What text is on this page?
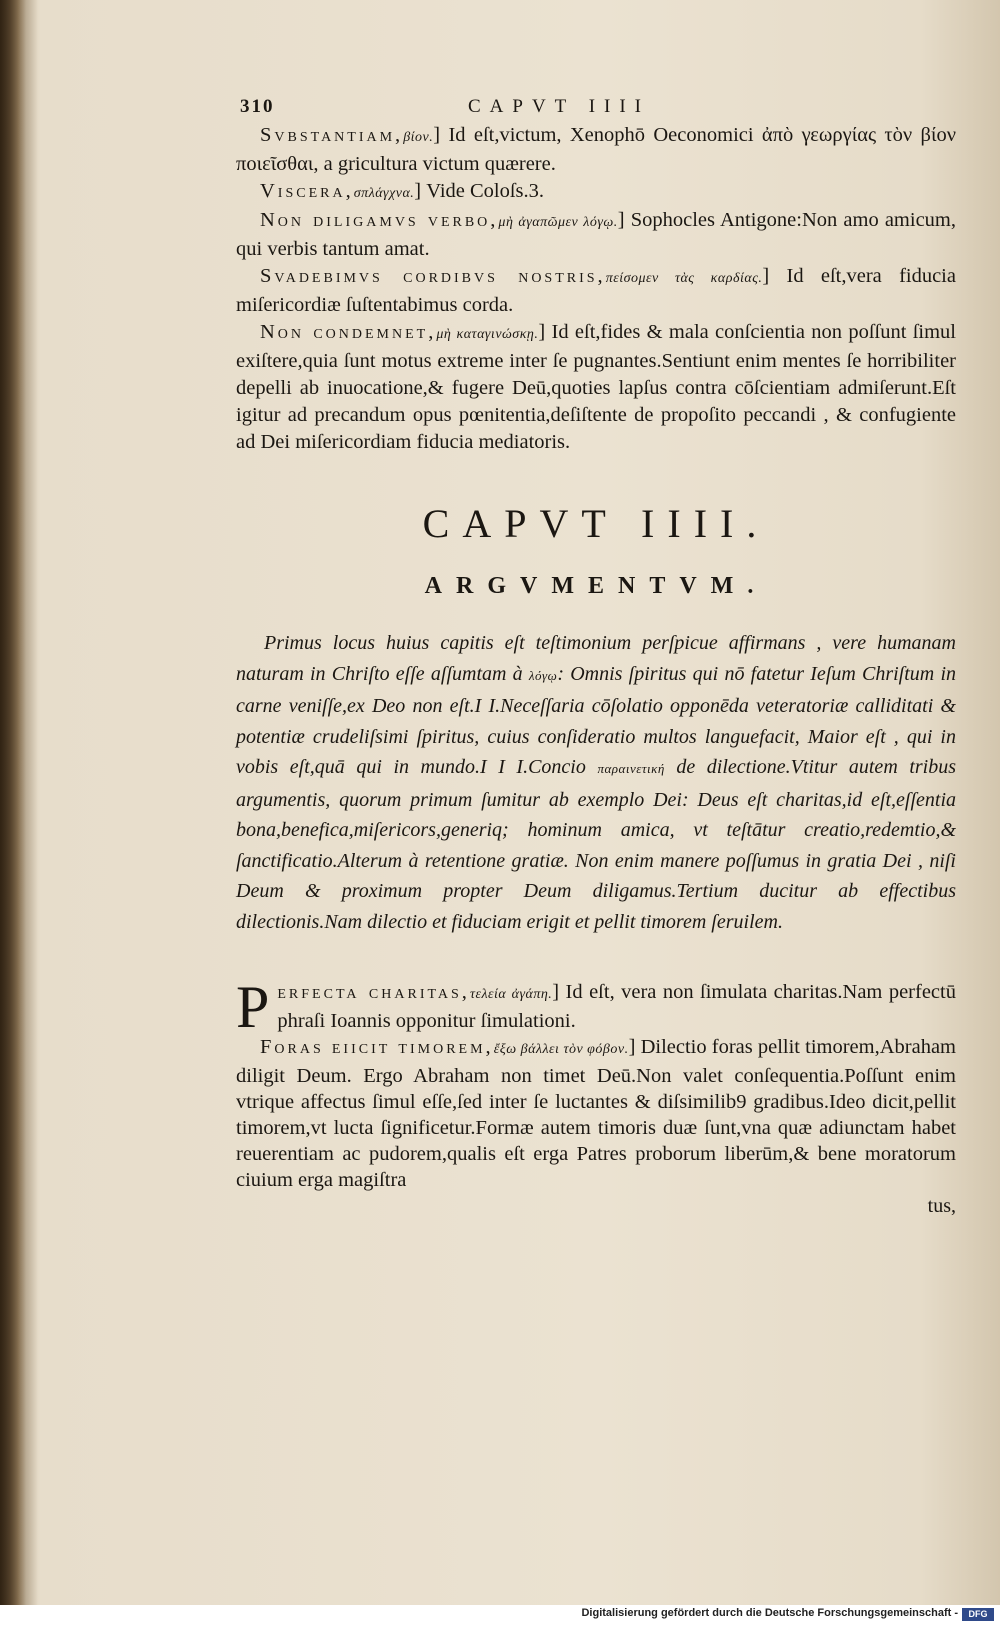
310	CAPVT IIII

Svbstantiam,βίον.] Id eſt,victum, Xenophō Oeconomici ἀπὸ γεωργίας τὸν βίον ποιεῖσθαι, a gricultura victum quærere.

Viscera,σπλάγχνα.] Vide Coloſs.3.

Non diligamvs verbo,μὴ ἀγαπῶμεν λόγῳ.] Sophocles Antigone:Non amo amicum, qui verbis tantum amat.

Svadebimvs cordibvs nostris,πείσομεν τὰς καρδίας.] Id eſt,vera fiducia miſericordiæ ſuſtentabimus corda.

Non condemnet,μὴ καταγινώσκῃ.] Id eſt,fides & mala conſcientia non poſſunt ſimul exiſtere,quia ſunt motus extreme inter ſe pugnantes.Sentiunt enim mentes ſe horribiliter depelli ab inuocatione,& fugere Deū,quoties lapſus contra cōſcientiam admiſerunt.Eſt igitur ad precandum opus pœnitentia,deſiſtente de propoſito peccandi , & confugiente ad Dei miſericordiam fiducia mediatoris.

CAPVT IIII.
ARGVMENTVM.

Primus locus huius capitis eſt teſtimonium perſpicue affirmans , vere humanam naturam in Chriſto eſſe aſſumtam à λόγῳ: Omnis ſpiritus qui nō fatetur Ieſum Chriſtum in carne veniſſe,ex Deo non eſt.I I.Neceſſaria cōſolatio opponēda veteratoriæ calliditati & potentiæ crudeliſsimi ſpiritus, cuius conſideratio multos languefacit, Maior eſt , qui in vobis eſt,quā qui in mundo.I I I.Concio παραινετική de dilectione.Vtitur autem tribus argumentis, quorum primum ſumitur ab exemplo Dei: Deus eſt charitas,id eſt,eſſentia bona,benefica,miſericors,generiq; hominum amica, vt teſtātur creatio,redemtio,& ſanctificatio.Alterum à retentione gratiæ. Non enim manere poſſumus in gratia Dei , niſi Deum & proximum propter Deum diligamus.Tertium ducitur ab effectibus dilectionis.Nam dilectio et fiduciam erigit et pellit timorem ſeruilem.

Perfecta charitas,τελεία ἀγάπη.] Id eſt, vera non ſimulata charitas.Nam perfectū phraſi Ioannis opponitur ſimulationi.

Foras eiicit timorem,ἔξω βάλλει τὸν φόβον.] Dilectio foras pellit timorem,Abraham diligit Deum. Ergo Abraham non timet Deū.Non valet conſequentia.Poſſunt enim vtrique affectus ſimul eſſe,ſed inter ſe luctantes & diſsimilib9 gradibus.Ideo dicit,pellit timorem,vt lucta ſignificetur.Formæ autem timoris duæ ſunt,vna quæ adiunctam habet reuerentiam ac pudorem,qualis eſt erga Patres proborum liberūm,& bene moratorum ciuium erga magiſtra

tus,
Digitalisierung gefördert durch die Deutsche Forschungsgemeinschaft -	DFG
